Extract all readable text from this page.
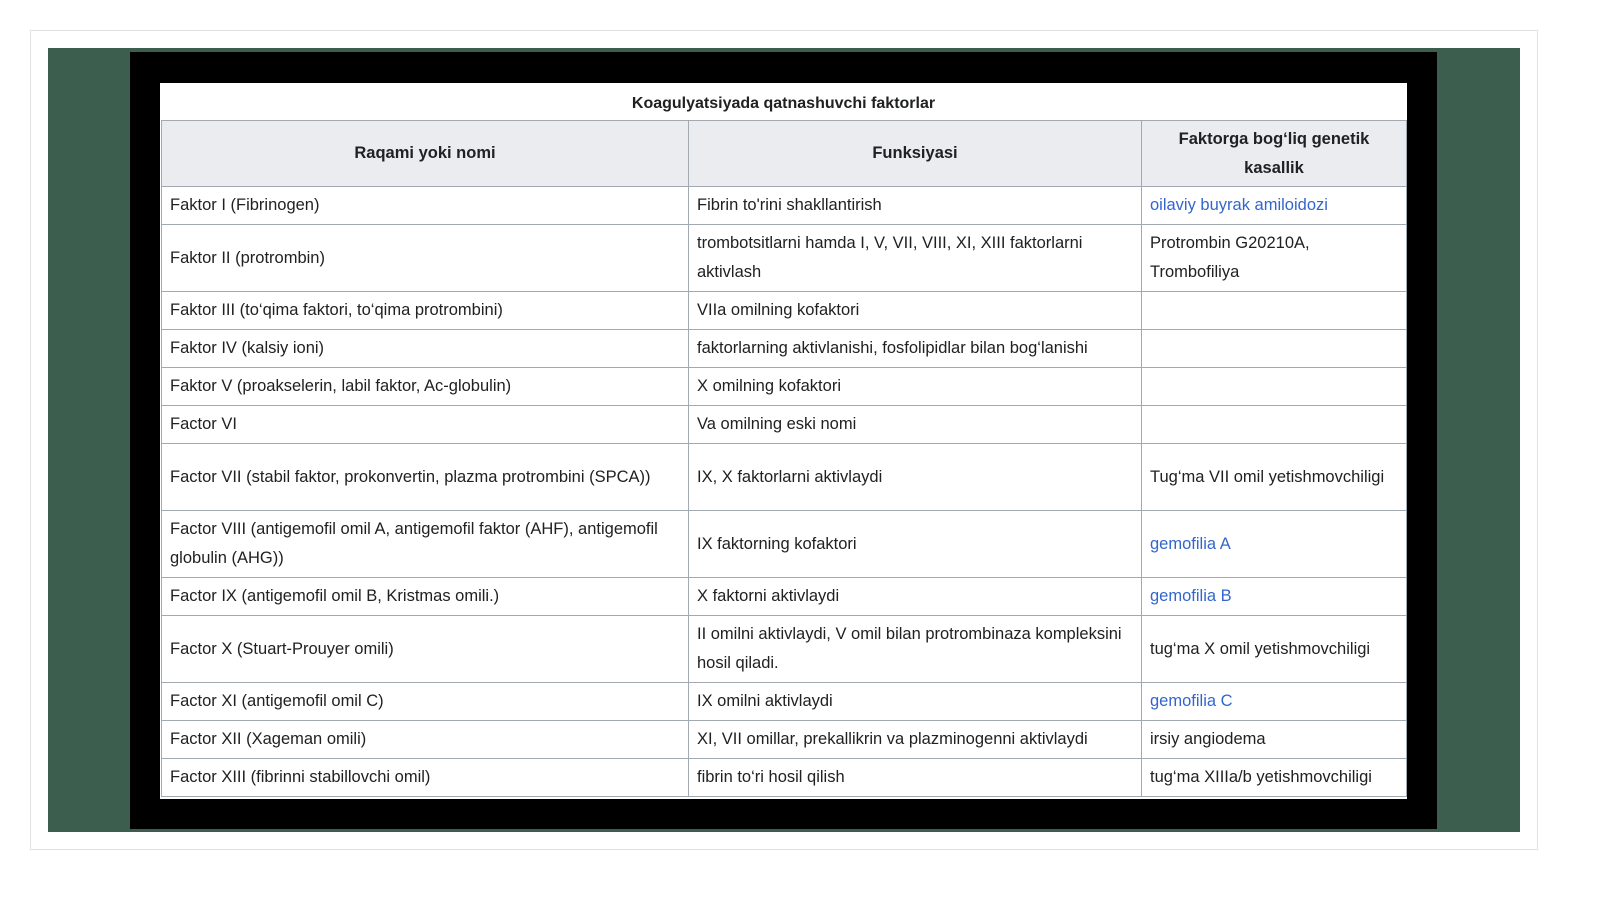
Koagulyatsiyada qatnashuvchi faktorlar
Raqami yoki nomi	Funksiyasi	Faktorga bog‘liq genetik kasallik
Faktor I (Fibrinogen)	Fibrin to'rini shakllantirish	oilaviy buyrak amiloidozi
Faktor II (protrombin)	trombotsitlarni hamda I, V, VII, VIII, XI, XIII faktorlarni aktivlash	Protrombin G20210A, Trombofiliya
Faktor III (to‘qima faktori, to‘qima protrombini)	VIIa omilning kofaktori	
Faktor IV (kalsiy ioni)	faktorlarning aktivlanishi, fosfolipidlar bilan bog‘lanishi	
Faktor V (proakselerin, labil faktor, Ac-globulin)	X omilning kofaktori	
Factor VI	Va omilning eski nomi	
Factor VII (stabil faktor, prokonvertin, plazma protrombini (SPCA))	IX, X faktorlarni aktivlaydi	Tug‘ma VII omil yetishmovchiligi
Factor VIII (antigemofil omil A, antigemofil faktor (AHF), antigemofil globulin (AHG))	IX faktorning kofaktori	gemofilia A
Factor IX (antigemofil omil B, Kristmas omili.)	X faktorni aktivlaydi	gemofilia B
Factor X (Stuart-Prouyer omili)	II omilni aktivlaydi, V omil bilan protrombinaza kompleksini hosil qiladi.	tug‘ma X omil yetishmovchiligi
Factor XI (antigemofil omil C)	IX omilni aktivlaydi	gemofilia C
Factor XII (Xageman omili)	XI, VII omillar, prekallikrin va plazminogenni aktivlaydi	irsiy angiodema
Factor XIII (fibrinni stabillovchi omil)	fibrin to‘ri hosil qilish	tug‘ma XIIIa/b yetishmovchiligi
